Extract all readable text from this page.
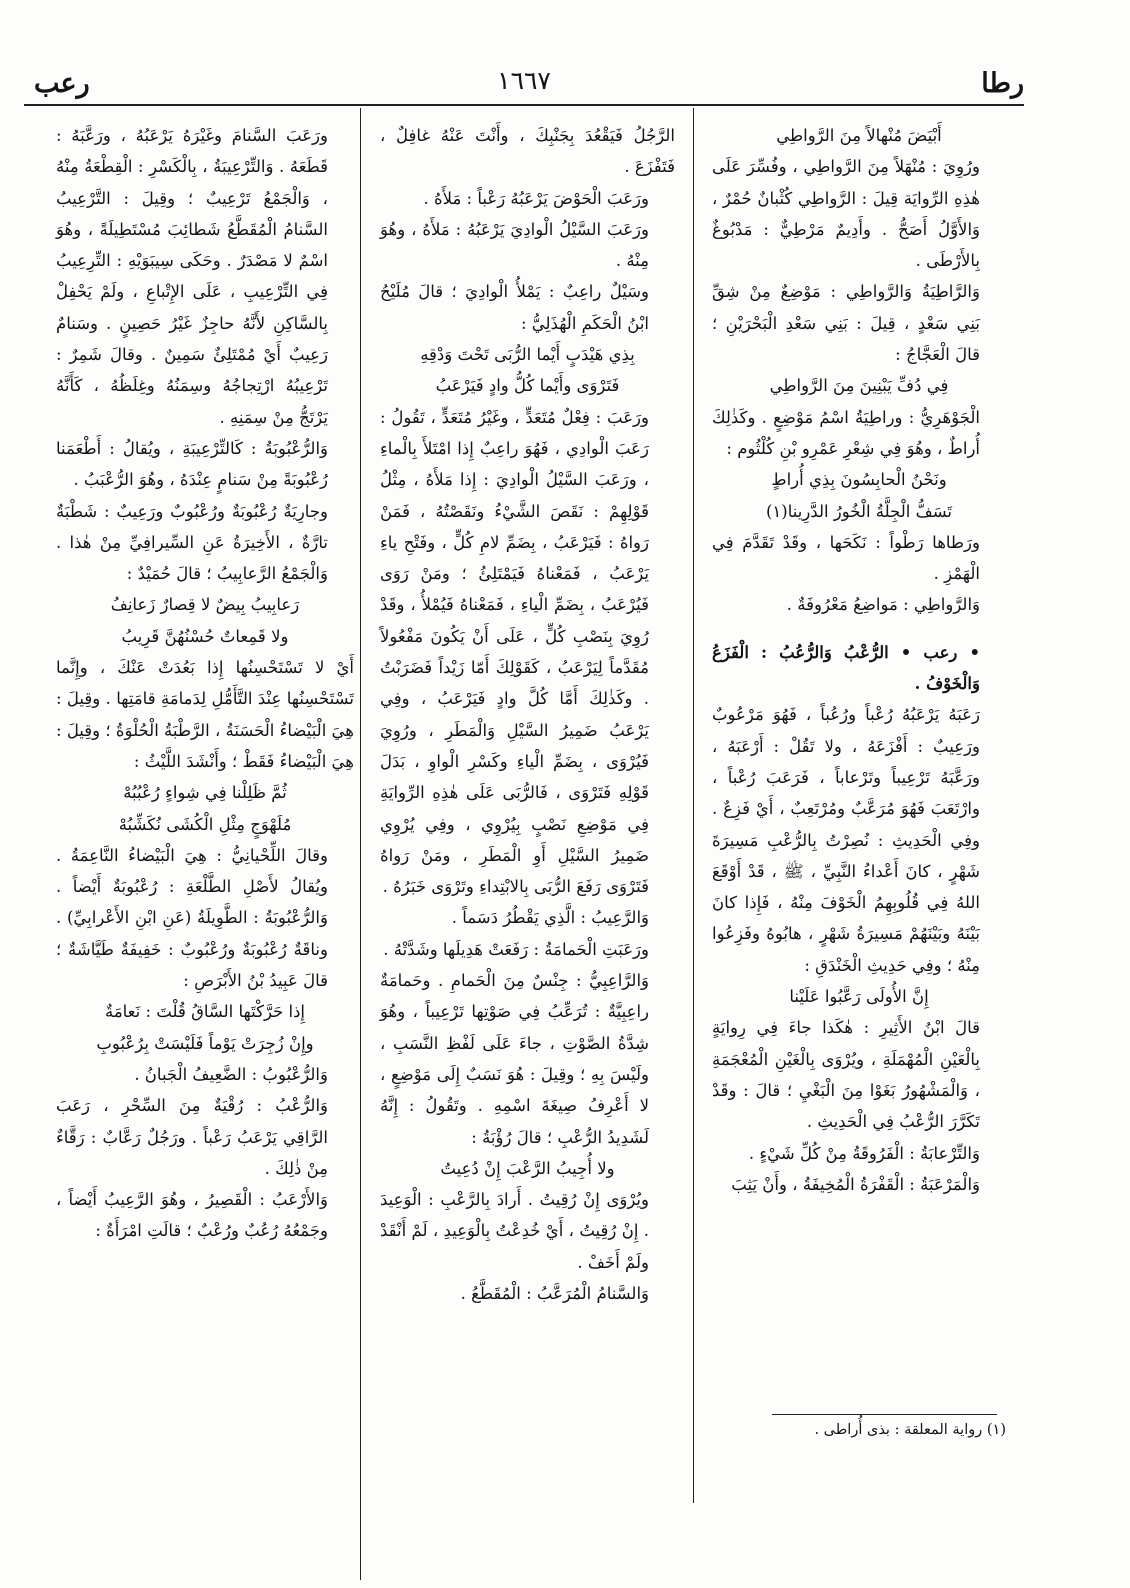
رطا
١٦٦٧
رعب

أَبْيَضَ مُنْهالاً مِنَ الرَّواطِي

ورُوِيَ : مُنْهَلاً مِنَ الرَّواطِي ، وفُسِّرَ عَلَى هٰذِهِ الرِّوايَة قِيلَ : الرَّواطِي كُثْبانٌ حُمْرٌ ، وَالأَوَّلُ أَصَحُّ . وأَدِيمٌ مَرْطِيٌّ : مَدْبُوغٌ بِالأَرْطَى .

وَالرَّاطِيَةُ وَالرَّواطِي : مَوْضِعٌ مِنْ شِقِّ بَنِي سَعْدٍ ، قِيلَ : بَنِي سَعْدِ الْبَحْرَيْنِ ؛ قالَ الْعَجَّاجُ :

فِي دُفِّ يَبْنِينَ مِنَ الرَّواطِي

الْجَوْهَرِيُّ : وراطِيَةُ اسْمُ مَوْضِعٍ . وكَذٰلِكَ أُراطٌ ، وهُوَ فِي شِعْرِ عَمْرِو بْنِ كُلْثُوم :

ونَحْنُ الْحابِسُونَ بِذِي أُراطٍ

تَسَفُّ الْجِلَّةُ الْخُورُ الدَّرِينا(١)

ورَطاها رَطْواً : نَكَحَها ، وقَدْ تَقَدَّمَ فِي الْهَمْزِ .

وَالرَّواطِي : مَواضِعُ مَعْرُوفَةٌ .

• رعب • الرُّعْبُ وَالرُّعُبُ : الْفَزَعُ وَالْخَوْفُ .

رَعَبَهُ يَرْعَبُهُ رُعْباً ورُعُباً ، فَهُوَ مَرْعُوبٌ ورَعِيبٌ : أَفْزَعَهُ ، ولا تَقُلْ : أَرْعَبَهُ ، ورَعَّبَهُ تَرْعِيباً وتَرْعاباً ، فَرَعَبَ رُعْباً ، وارْتَعَبَ فَهُوَ مُرَعَّبٌ ومُرْتَعِبٌ ، أَيْ فَزِعٌ . وفِي الْحَدِيثِ : نُصِرْتُ بِالرُّعْبِ مَسِيرَةَ شَهْرٍ ، كانَ أَعْداءُ النَّبِيِّ ، ﷺ ، قَدْ أَوْقَعَ اللهُ فِي قُلُوبِهِمُ الْخَوْفَ مِنْهُ ، فَإِذا كانَ بَيْنَهُ وبَيْنَهُمْ مَسِيرَةُ شَهْرٍ ، هابُوهُ وفَزِعُوا مِنْهُ ؛ وفِي حَدِيثِ الْخَنْدَقِ :

إِنَّ الأُولَى رَعَّبُوا عَلَيْنا

قالَ ابْنُ الأَثِيرِ : هٰكَذا جاءَ فِي رِوايَةٍ بِالْعَيْنِ الْمُهْمَلَةِ ، ويُرْوَى بِالْغَيْنِ الْمُعْجَمَةِ ، وَالْمَشْهُورُ بَغَوْا مِنَ الْبَغْيِ ؛ قالَ : وقَدْ تَكَرَّرَ الرُّعْبُ فِي الْحَدِيثِ .

وَالتِّرْعابَةُ : الْفَرُوقَةُ مِنْ كُلِّ شَيْءٍ .

وَالْمَرْعَبَةُ : الْقَفْرَةُ الْمُخِيفَةُ ، وأَنْ يَثِبَ

الرَّجُلُ فَيَقْعُدَ بِجَنْبِكَ ، وأَنْتَ عَنْهُ غافِلٌ ، فَتَفْزَعَ .

ورَعَبَ الْحَوْضَ يَرْعَبُهُ رَعْباً : مَلأَهُ .

ورَعَبَ السَّيْلُ الْوادِيَ يَرْعَبُهُ : مَلأَهُ ، وهُوَ مِنْهُ .

وسَيْلٌ راعِبٌ : يَمْلأُ الْوادِيَ ؛ قالَ مُلَيْحُ ابْنُ الْحَكَمِ الْهُذَلِيُّ :

بِذِي هَيْدَبٍ أَيْما الرُّبَى تَحْتَ وَدْقِهِ

فَتَرْوَى وأَيْما كُلُّ وادٍ فَيَرْعَبُ

ورَعَبَ : فِعْلٌ مُتَعَدٍّ ، وغَيْرُ مُتَعَدٍّ ، تَقُولُ : رَعَبَ الْوادِي ، فَهُوَ راعِبٌ إِذا امْتَلأَ بِالْماءِ ، ورَعَبَ السَّيْلُ الْوادِيَ : إِذا مَلأَهُ ، مِثْلُ قَوْلِهِمْ : نَقَصَ الشَّيْءُ ونَقَصْتُهُ ، فَمَنْ رَواهُ : فَيَرْعَبُ ، بِضَمِّ لامِ كُلٍّ ، وفَتْحِ ياءِ يَرْعَبُ ، فَمَعْناهُ فَيَمْتَلِئُ ؛ ومَنْ رَوَى فَيُرْعَبُ ، بِضَمِّ الْياءِ ، فَمَعْناهُ فَيُمْلأُ ، وقَدْ رُوِيَ بِنَصْبِ كُلٍّ ، عَلَى أَنْ يَكُونَ مَفْعُولاً مُقَدَّماً لِيَرْعَبُ ، كَقَوْلِكَ أَمّا زَيْداً فَضَرَبْتُ . وكَذٰلِكَ أَمَّا كُلَّ وادٍ فَيَرْعَبُ ، وفِي يَرْعَبُ ضَمِيرُ السَّيْلِ وَالْمَطَرِ ، ورُوِيَ فَيُرْوَى ، بِضَمِّ الْياءِ وكَسْرِ الْواوِ ، بَدَلَ قَوْلِهِ فَتَرْوَى ، فَالرُّبَى عَلَى هٰذِهِ الرِّوايَةِ فِي مَوْضِعِ نَصْبٍ بِيُرْوِي ، وفِي يُرْوِي ضَمِيرُ السَّيْلِ أَوِ الْمَطَرِ ، ومَنْ رَواهُ فَتَرْوَى رَفَعَ الرُّبَى بِالابْتِداءِ وتَرْوَى خَبَرُهُ .

وَالرَّعِيبُ : الَّذِي يَقْطُرُ دَسَماً .

ورَعَبَتِ الْحَمامَةُ : رَفَعَتْ هَدِيلَها وشَدَّتْهُ .

وَالرَّاعِبِيُّ : جِنْسٌ مِنَ الْحَمامِ . وحَمامَةٌ راعِبِيَّةٌ : تُرَعِّبُ فِي صَوْتِها تَرْعِيباً ، وهُوَ شِدَّةُ الصَّوْتِ ، جاءَ عَلَى لَفْظِ النَّسَبِ ، ولَيْسَ بِهِ ؛ وقِيلَ : هُوَ نَسَبٌ إِلَى مَوْضِعٍ ، لا أَعْرِفُ صِيغَةَ اسْمِهِ . وتَقُولُ : إِنَّهُ لَشَدِيدُ الرُّعْبِ ؛ قالَ رُؤْبَةُ :

ولا أُجِيبُ الرَّعْبَ إِنْ دُعِيتُ

ويُرْوَى إِنْ رُقِيتُ . أَرادَ بِالرَّعْبِ : الْوَعِيدَ . إِنْ رُقِيتُ ، أَيْ خُدِعْتُ بِالْوَعِيدِ ، لَمْ أَنْقَدْ ولَمْ أَخَفْ .

وَالسَّنامُ الْمُرَعَّبُ : الْمُقَطَّعُ .

ورَعَبَ السَّنامَ وغَيْرَهُ يَرْعَبُهُ ، ورَعَّبَهُ : قَطَعَهُ . وَالتِّرْعِيبَةُ ، بِالْكَسْرِ : الْقِطْعَةُ مِنْهُ ، وَالْجَمْعُ تَرْعِيبٌ ؛ وقِيلَ : التَّرْعِيبُ السَّنامُ الْمُقَطَّعُ شَطائِبَ مُسْتَطِيلَةً ، وهُوَ اسْمٌ لا مَصْدَرٌ . وحَكَى سِيبَوَيْهِ : التِّرِعِيبُ فِي التِّرْعِيبِ ، عَلَى الإِتْباعِ ، ولَمْ يَحْفِلْ بِالسَّاكِنِ لأَنَّهُ حاجِزٌ غَيْرُ حَصِينٍ . وسَنامٌ رَعِيبٌ أَيْ مُمْتَلِئٌ سَمِينٌ . وقالَ شَمِرٌ : تَرْعِيبُهُ ارْتِجاجُهُ وسِمَنُهُ وغِلَظُهُ ، كَأَنَّهُ يَرْتَجُّ مِنْ سِمَنِهِ .

وَالرُّعْبُوبَةُ : كَالتِّرْعِيبَةِ ، ويُقالُ : أَطْعَمَنا رُعْبُوبَةً مِنْ سَنامٍ عِنْدَهُ ، وهُوَ الرُّعْبَبُ .

وجارِيَةٌ رُعْبُوبَةٌ ورُعْبُوبٌ ورَعِيبٌ : شَطْبَةٌ تارَّةٌ ، الأَخِيرَةُ عَنِ السِّيرافِيِّ مِنْ هٰذا . وَالْجَمْعُ الرَّعابِيبُ ؛ قالَ حُمَيْدٌ :

رَعابِيبُ بِيضٌ لا قِصارٌ زَعانِفُ

ولا قَمِعاتٌ حُسْنُهُنَّ قَرِيبُ

أَيْ لا تَسْتَحْسِنُها إِذا بَعُدَتْ عَنْكَ ، وإِنَّما تَسْتَحْسِنُها عِنْدَ التَّأَمُّلِ لِدَمامَةِ قامَتِها . وقِيلَ : هِيَ الْبَيْضاءُ الْحَسَنَةُ ، الرَّطْبَةُ الْحُلْوَةُ ؛ وقِيلَ : هِيَ الْبَيْضاءُ فَقَطْ ؛ وأَنْشَدَ اللَّيْثُ :

ثُمَّ ظَلِلْنا فِي شِواءٍ رُعْبُبُهْ

مُلَهْوَجٍ مِثْلِ الْكُشَى نُكَشِّبُهْ

وقالَ اللِّحْيانِيُّ : هِيَ الْبَيْضاءُ النَّاعِمَةُ . ويُقالُ لأَصْلِ الطَّلْعَةِ : رُعْبُوبَةٌ أَيْضاً . وَالرُّعْبُوبَةُ : الطَّوِيلَةُ (عَنِ ابْنِ الأَعْرابِيِّ) . وناقَةٌ رُعْبُوبَةٌ ورُعْبُوبٌ : خَفِيفَةٌ طَيَّاشَةٌ ؛ قالَ عَبِيدُ بْنُ الأَبْرَصِ :

إِذا حَرَّكْتَها السَّاقُ قُلْتَ : نَعامَةٌ

وإِنْ زُجِرَتْ يَوْماً فَلَيْسَتْ بِرُعْبُوبِ

وَالرُّعْبُوبُ : الضَّعِيفُ الْجَبانُ .

وَالرُّعْبُ : رُقْيَةٌ مِنَ السِّحْرِ ، رَعَبَ الرَّاقِي يَرْعَبُ رَعْباً . ورَجُلٌ رَعَّابٌ : رَقَّاءٌ مِنْ ذٰلِكَ .

وَالأَرْعَبُ : الْقَصِيرُ ، وهُوَ الرَّعِيبُ أَيْضاً ، وجَمْعُهُ رُعُبٌ ورُعْبٌ ؛ قالَتِ امْرَأَةٌ :

(١) رواية المعلقة : بذى أُراطى .
